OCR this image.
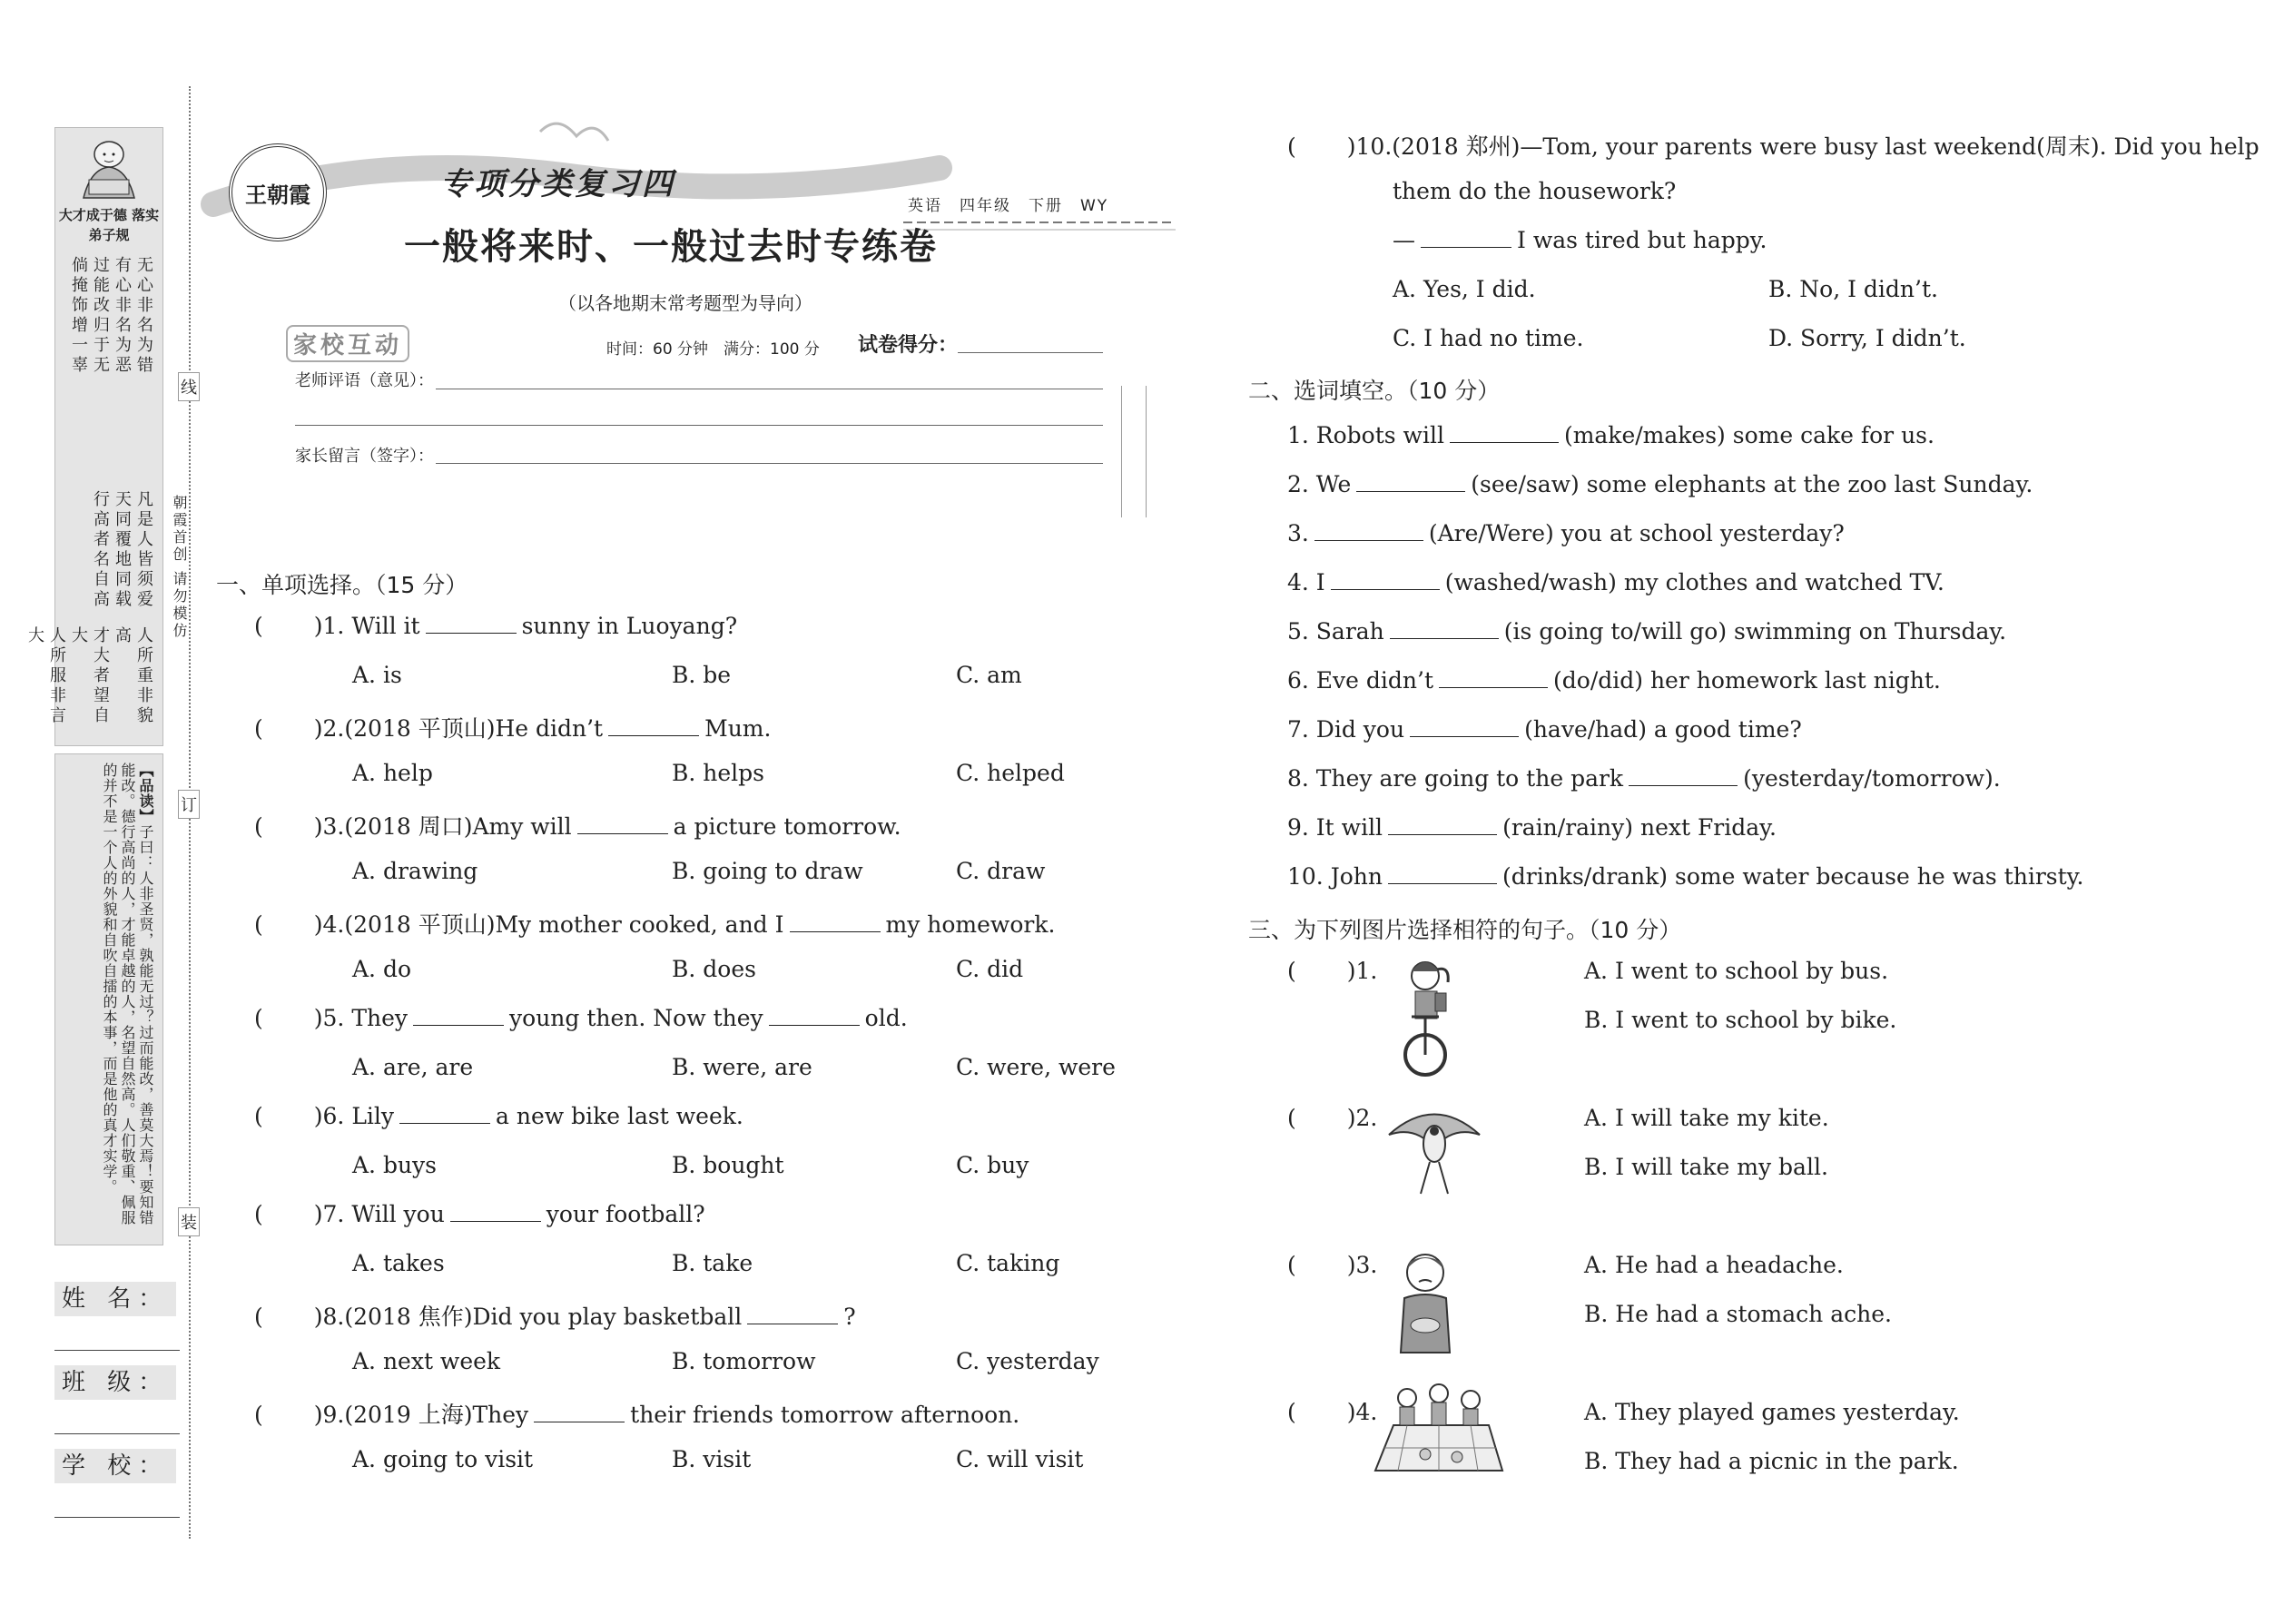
大才成于德 落实弟子规
无心非名为错
有心非名为恶
过能改归于无
倘掩饰增一辜
凡是人皆须爱
天同覆地同载
行高者名自高
人所重非貌高
才大者望自大
人所服非言大
【品读】子曰：人非圣贤，孰能无过？过而能改，善莫大焉！要知错能改。德行高尚的人，才能卓越的人，名望自然高。人们敬重、佩服的并不是一个人的外貌和自吹自擂的本事，而是他的真才实学。
线
订
装
朝霞首创 请勿模仿
姓 名：
班 级：
学 校：
王朝霞	专项分类复习四
英语　四年级　下册　WY
一般将来时、一般过去时专练卷
（以各地期末常考题型为导向）
家校互动	时间：60 分钟　满分：100 分 试卷得分：
老师评语（意见）：
家长留言（签字）：
一、单项选择。（15 分）
( )1. Will it	sunny in Luoyang?
A. is	B. be	C. am
( )2.(2018 平顶山)He didn’t	Mum.
A. help	B. helps	C. helped
( )3.(2018 周口)Amy will	a picture tomorrow.
A. drawing	B. going to draw	C. draw
( )4.(2018 平顶山)My mother cooked, and I	my homework.
A. do	B. does	C. did
( )5. They	young then. Now they	old.
A. are, are	B. were, are	C. were, were
( )6. Lily	a new bike last week.
A. buys	B. bought	C. buy
( )7. Will you	your football?
A. takes	B. take	C. taking
( )8.(2018 焦作)Did you play basketball	?
A. next week	B. tomorrow	C. yesterday
( )9.(2019 上海)They	their friends tomorrow afternoon.
A. going to visit	B. visit	C. will visit
( )10.(2018 郑州)—Tom, your parents were busy last weekend(周末). Did you help
them do the housework?
—	I was tired but happy.
A. Yes, I did.	B. No, I didn’t.
C. I had no time.	D. Sorry, I didn’t.
二、选词填空。（10 分）
1. Robots will	(make/makes) some cake for us.
2. We	(see/saw) some elephants at the zoo last Sunday.
3.	(Are/Were) you at school yesterday?
4. I	(washed/wash) my clothes and watched TV.
5. Sarah	(is going to/will go) swimming on Thursday.
6. Eve didn’t	(do/did) her homework last night.
7. Did you	(have/had) a good time?
8. They are going to the park	(yesterday/tomorrow).
9. It will	(rain/rainy) next Friday.
10. John	(drinks/drank) some water because he was thirsty.
三、为下列图片选择相符的句子。（10 分）
( )1.	A. I went to school by bus.
B. I went to school by bike.
( )2.	A. I will take my kite.
B. I will take my ball.
( )3.	A. He had a headache.
B. He had a stomach ache.
( )4.	A. They played games yesterday.
B. They had a picnic in the park.
